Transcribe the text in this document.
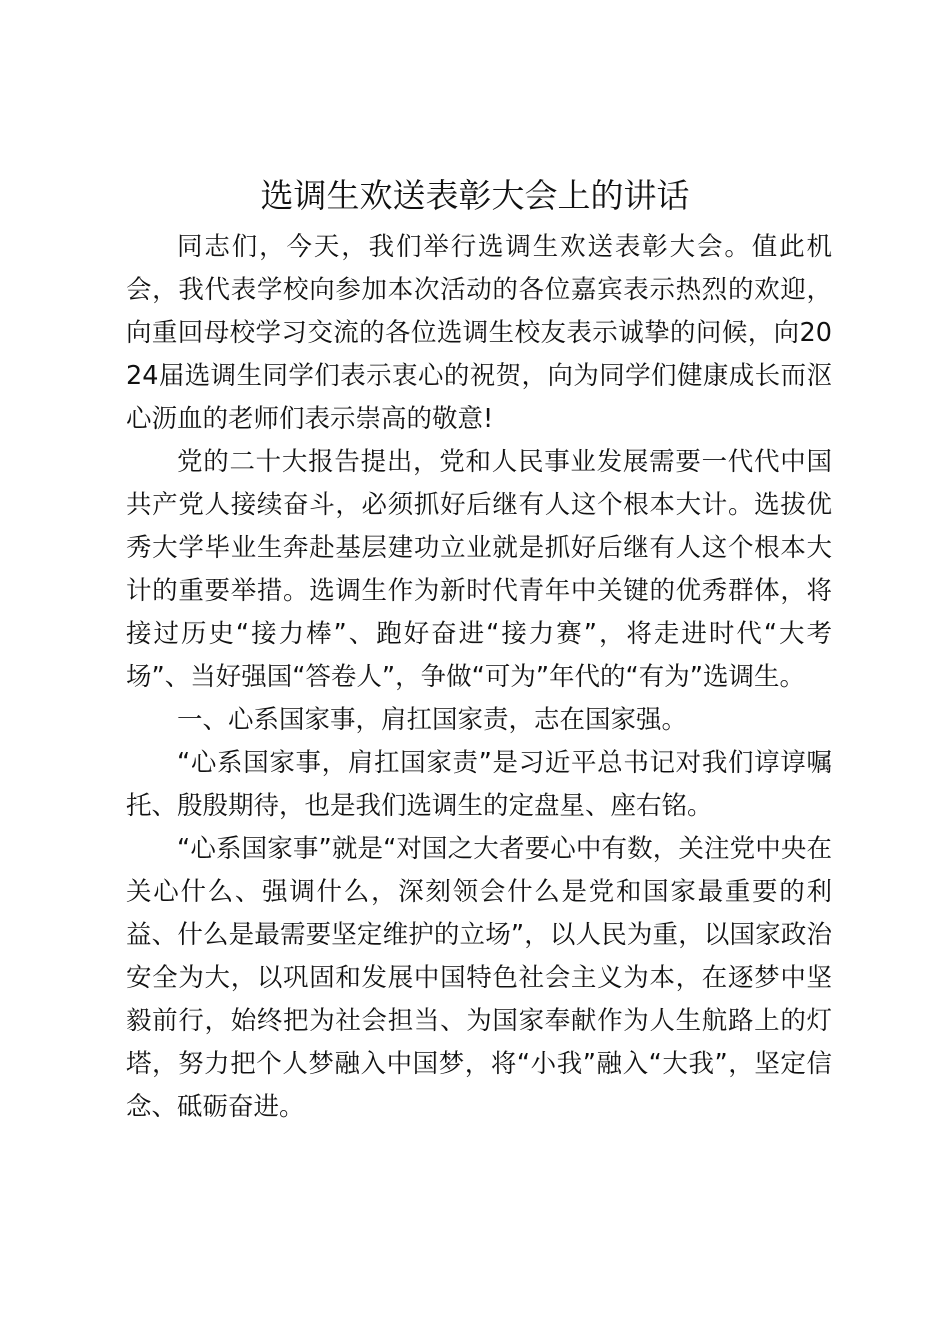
选调生欢送表彰大会上的讲话

同志们，今天，我们举行选调生欢送表彰大会。值此机会，我代表学校向参加本次活动的各位嘉宾表示热烈的欢迎，向重回母校学习交流的各位选调生校友表示诚挚的问候，向2024届选调生同学们表示衷心的祝贺，向为同学们健康成长而沤心沥血的老师们表示崇高的敬意!

党的二十大报告提出，党和人民事业发展需要一代代中国共产党人接续奋斗，必须抓好后继有人这个根本大计。选拔优秀大学毕业生奔赴基层建功立业就是抓好后继有人这个根本大计的重要举措。选调生作为新时代青年中关键的优秀群体，将接过历史“接力棒”、跑好奋进“接力赛”，将走进时代“大考场”、当好强国“答卷人”，争做“可为”年代的“有为”选调生。

一、心系国家事，肩扛国家责，志在国家强。

“心系国家事，肩扛国家责”是习近平总书记对我们谆谆嘱托、殷殷期待，也是我们选调生的定盘星、座右铭。

“心系国家事”就是“对国之大者要心中有数，关注党中央在关心什么、强调什么，深刻领会什么是党和国家最重要的利益、什么是最需要坚定维护的立场”，以人民为重，以国家政治安全为大，以巩固和发展中国特色社会主义为本，在逐梦中坚毅前行，始终把为社会担当、为国家奉献作为人生航路上的灯塔，努力把个人梦融入中国梦，将“小我”融入“大我”，坚定信念、砥砺奋进。
